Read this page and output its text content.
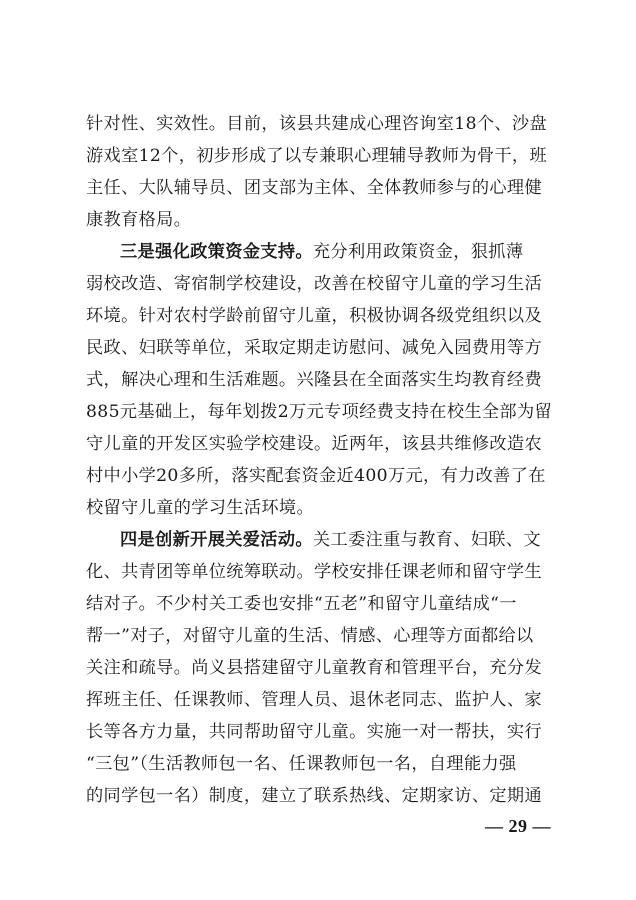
针对性、实效性。目前，该县共建成心理咨询室18个、沙盘
游戏室12个，初步形成了以专兼职心理辅导教师为骨干，班
主任、大队辅导员、团支部为主体、全体教师参与的心理健
康教育格局。
三是强化政策资金支持。充分利用政策资金，狠抓薄
弱校改造、寄宿制学校建设，改善在校留守儿童的学习生活
环境。针对农村学龄前留守儿童，积极协调各级党组织以及
民政、妇联等单位，采取定期走访慰问、减免入园费用等方
式，解决心理和生活难题。兴隆县在全面落实生均教育经费
885元基础上，每年划拨2万元专项经费支持在校生全部为留
守儿童的开发区实验学校建设。近两年，该县共维修改造农
村中小学20多所，落实配套资金近400万元，有力改善了在
校留守儿童的学习生活环境。
四是创新开展关爱活动。关工委注重与教育、妇联、文
化、共青团等单位统筹联动。学校安排任课老师和留守学生
结对子。不少村关工委也安排“五老”和留守儿童结成“一
帮一”对子，对留守儿童的生活、情感、心理等方面都给以
关注和疏导。尚义县搭建留守儿童教育和管理平台，充分发
挥班主任、任课教师、管理人员、退休老同志、监护人、家
长等各方力量，共同帮助留守儿童。实施一对一帮扶，实行
“三包”（生活教师包一名、任课教师包一名，自理能力强
的同学包一名）制度，建立了联系热线、定期家访、定期通
— 29 —
